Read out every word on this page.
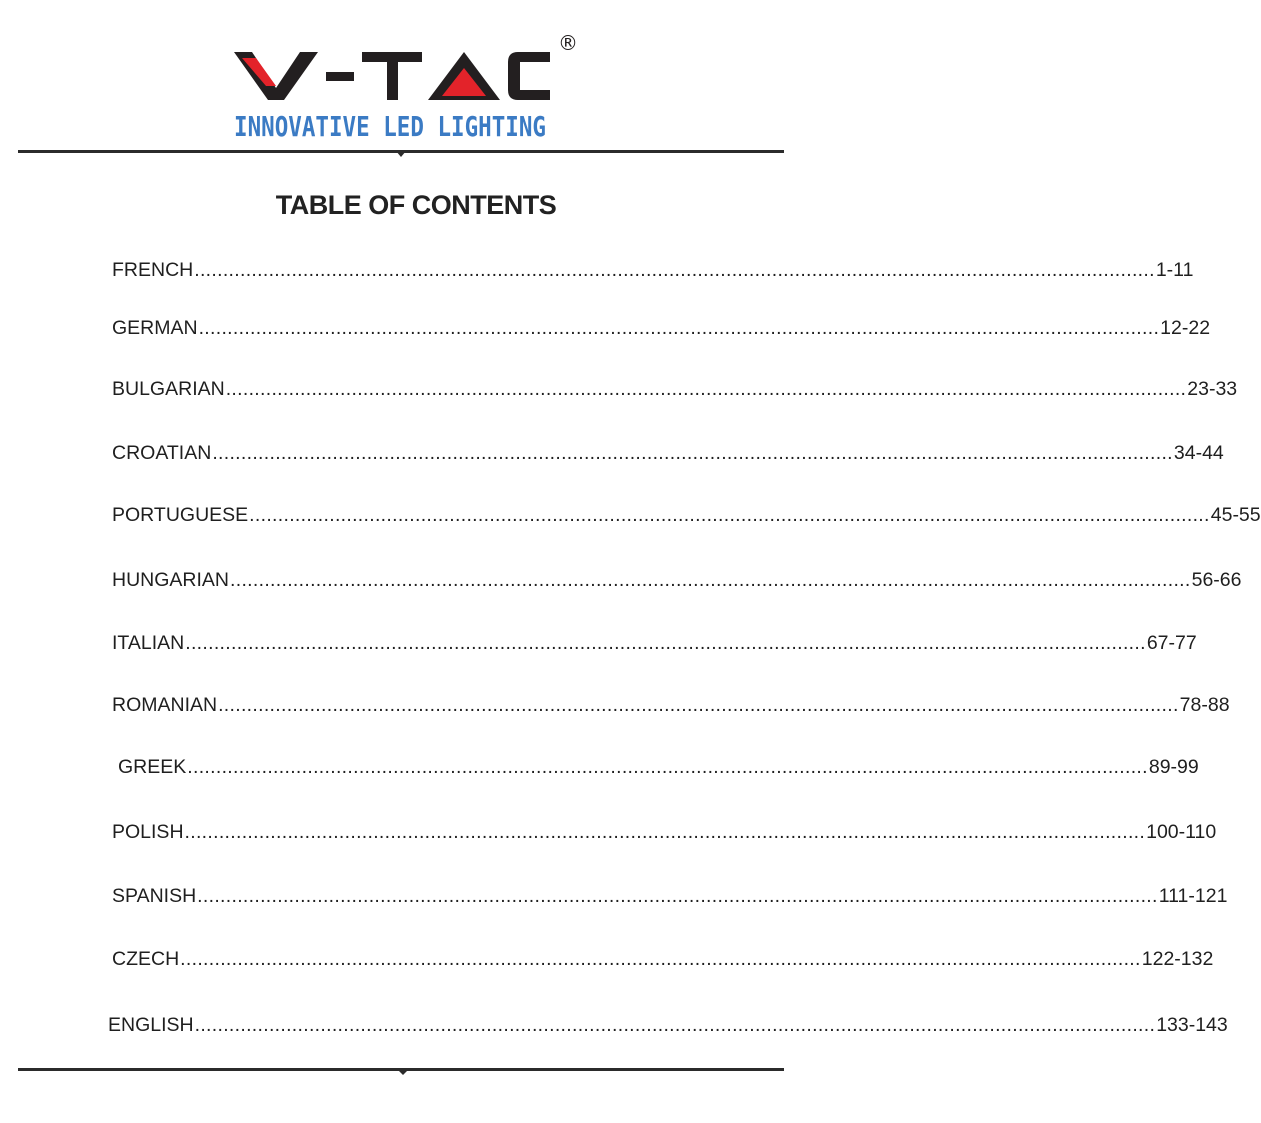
®
INNOVATIVE LED LIGHTING
TABLE OF CONTENTS
FRENCH .....	1-11
GERMAN .....	12-22
BULGARIAN .....	23-33
CROATIAN .....	34-44
PORTUGUESE .....	45-55
HUNGARIAN .....	56-66
ITALIAN .....	67-77
ROMANIAN .....	78-88
GREEK .....	89-99
POLISH .....	100-110
SPANISH .....	111-121
CZECH .....	122-132
ENGLISH .....	133-143
